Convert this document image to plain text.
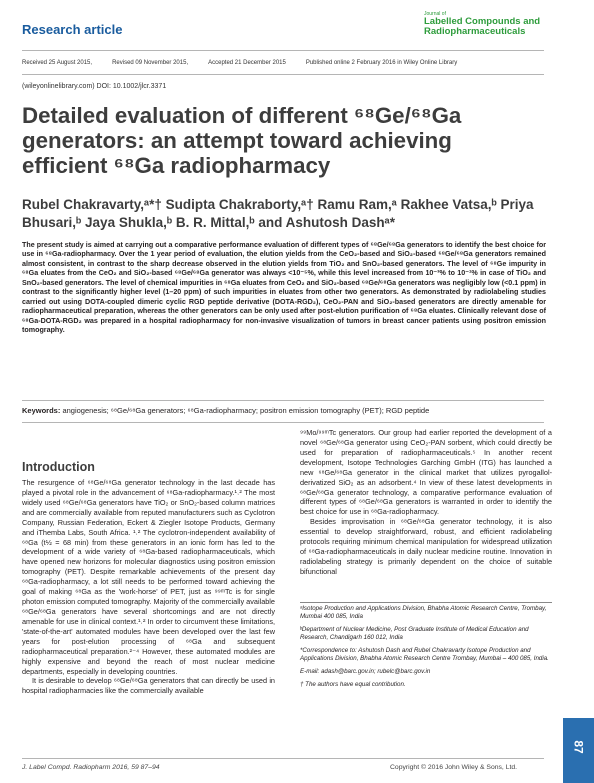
Research article
Journal of
Labelled Compounds and
Radiopharmaceuticals
Received 25 August 2015,	Revised 09 November 2015,	Accepted 21 December 2015	Published online 2 February 2016 in Wiley Online Library
(wileyonlinelibrary.com) DOI: 10.1002/jlcr.3371
Detailed evaluation of different ⁶⁸Ge/⁶⁸Ga generators: an attempt toward achieving efficient ⁶⁸Ga radiopharmacy
Rubel Chakravarty,ᵃ*† Sudipta Chakraborty,ᵃ† Ramu Ram,ᵃ Rakhee Vatsa,ᵇ Priya Bhusari,ᵇ Jaya Shukla,ᵇ B. R. Mittal,ᵇ and Ashutosh Dashᵃ*
The present study is aimed at carrying out a comparative performance evaluation of different types of ⁶⁸Ge/⁶⁸Ga generators to identify the best choice for use in ⁶⁸Ga-radiopharmacy. Over the 1 year period of evaluation, the elution yields from the CeO₂-based and SiO₂-based ⁶⁸Ge/⁶⁸Ga generators remained almost consistent, in contrast to the sharp decrease observed in the elution yields from TiO₂ and SnO₂-based generators. The level of ⁶⁸Ge impurity in ⁶⁸Ga eluates from the CeO₂ and SiO₂-based ⁶⁸Ge/⁶⁸Ga generator was always <10⁻⁵%, while this level increased from 10⁻³% to 10⁻¹% in case of TiO₂ and SnO₂-based generators. The level of chemical impurities in ⁶⁸Ga eluates from CeO₂ and SiO₂-based ⁶⁸Ge/⁶⁸Ga generators was negligibly low (<0.1 ppm) in contrast to the significantly higher level (1–20 ppm) of such impurities in eluates from other two generators. As demonstrated by radiolabeling studies carried out using DOTA-coupled dimeric cyclic RGD peptide derivative (DOTA-RGD₂), CeO₂-PAN and SiO₂-based generators are directly amenable for radiopharmaceutical preparation, whereas the other generators can be only used after post-elution purification of ⁶⁸Ga eluates. Clinically relevant dose of ⁶⁸Ga-DOTA-RGD₂ was prepared in a hospital radiopharmacy for non-invasive visualization of tumors in breast cancer patients using positron emission tomography.
Keywords: angiogenesis; ⁶⁸Ge/⁶⁸Ga generators; ⁶⁸Ga-radiopharmacy; positron emission tomography (PET); RGD peptide
Introduction

The resurgence of ⁶⁸Ge/⁶⁸Ga generator technology in the last decade has played a pivotal role in the advancement of ⁶⁸Ga-radiopharmacy.¹˒² The most widely used ⁶⁸Ge/⁶⁸Ga generators have TiO₂ or SnO₂-based column matrices and are commercially available from reputed manufacturers such as Cyclotron Company, Russian Federation, Eckert & Ziegler Isotope Products, Germany and iThemba Labs, South Africa. ¹˒² The cyclotron-independent availability of ⁶⁸Ga (t½ = 68 min) from these generators in an ionic form has led to the development of a wide variety of ⁶⁸Ga-based radiopharmaceuticals, which have opened new horizons for molecular diagnostics using positron emission tomography (PET). Despite remarkable achievements of the present day ⁶⁸Ga-radiopharmacy, a lot still needs to be performed toward achieving the goal of making ⁶⁸Ga as the 'work-horse' of PET, just as ⁹⁹ᵐTc is for single photon emission computed tomography. Majority of the commercially available ⁶⁸Ge/⁶⁸Ga generators have several shortcomings and are not directly amenable for use in clinical context.¹˒² In order to circumvent these limitations, 'state-of-the-art' automated modules have been developed over the last few years for post-elution processing of ⁶⁸Ga and subsequent radiopharmaceutical preparation.²⁻⁴ However, these automated modules are highly expensive and beyond the reach of most nuclear medicine departments, especially in developing countries.

It is desirable to develop ⁶⁸Ge/⁶⁸Ga generators that can directly be used in hospital radiopharmacies like the commercially available

⁹⁹Mo/⁹⁹ᵐTc generators. Our group had earlier reported the development of a novel ⁶⁸Ge/⁶⁸Ga generator using CeO₂-PAN sorbent, which could directly be used for preparation of radiopharmaceuticals.⁵ In another recent development, Isotope Technologies Garching GmbH (ITG) has launched a new ⁶⁸Ge/⁶⁸Ga generator in the clinical market that utilizes pyrogallol-derivatized SiO₂ as an adsorbent.⁴ In view of these latest developments in ⁶⁸Ge/⁶⁸Ga generator technology, a comparative performance evaluation of different types of ⁶⁸Ge/⁶⁸Ga generators is warranted in order to identify the best choice for use in ⁶⁸Ga-radiopharmacy.

Besides improvisation in ⁶⁸Ge/⁶⁸Ga generator technology, it is also essential to develop straightforward, robust, and efficient radiolabeling protocols requiring minimum chemical manipulation for widespread utilization of ⁶⁸Ga-radiopharmaceuticals in daily nuclear medicine routine. Innovation in radiolabeling strategy is primarily dependent on the choice of suitable bifunctional

ᵃIsotope Production and Applications Division, Bhabha Atomic Research Centre, Trombay, Mumbai 400 085, India

ᵇDepartment of Nuclear Medicine, Post Graduate Institute of Medical Education and Research, Chandigarh 160 012, India

*Correspondence to: Ashutosh Dash and Rubel Chakravarty Isotope Production and Applications Division, Bhabha Atomic Research Centre Trombay, Mumbai – 400 085, India.

E-mail: adash@barc.gov.in; rubelc@barc.gov.in

† The authors have equal contribution.

J. Label Compd. Radiopharm 2016, 59 87–94	Copyright © 2016 John Wiley & Sons, Ltd.
87
